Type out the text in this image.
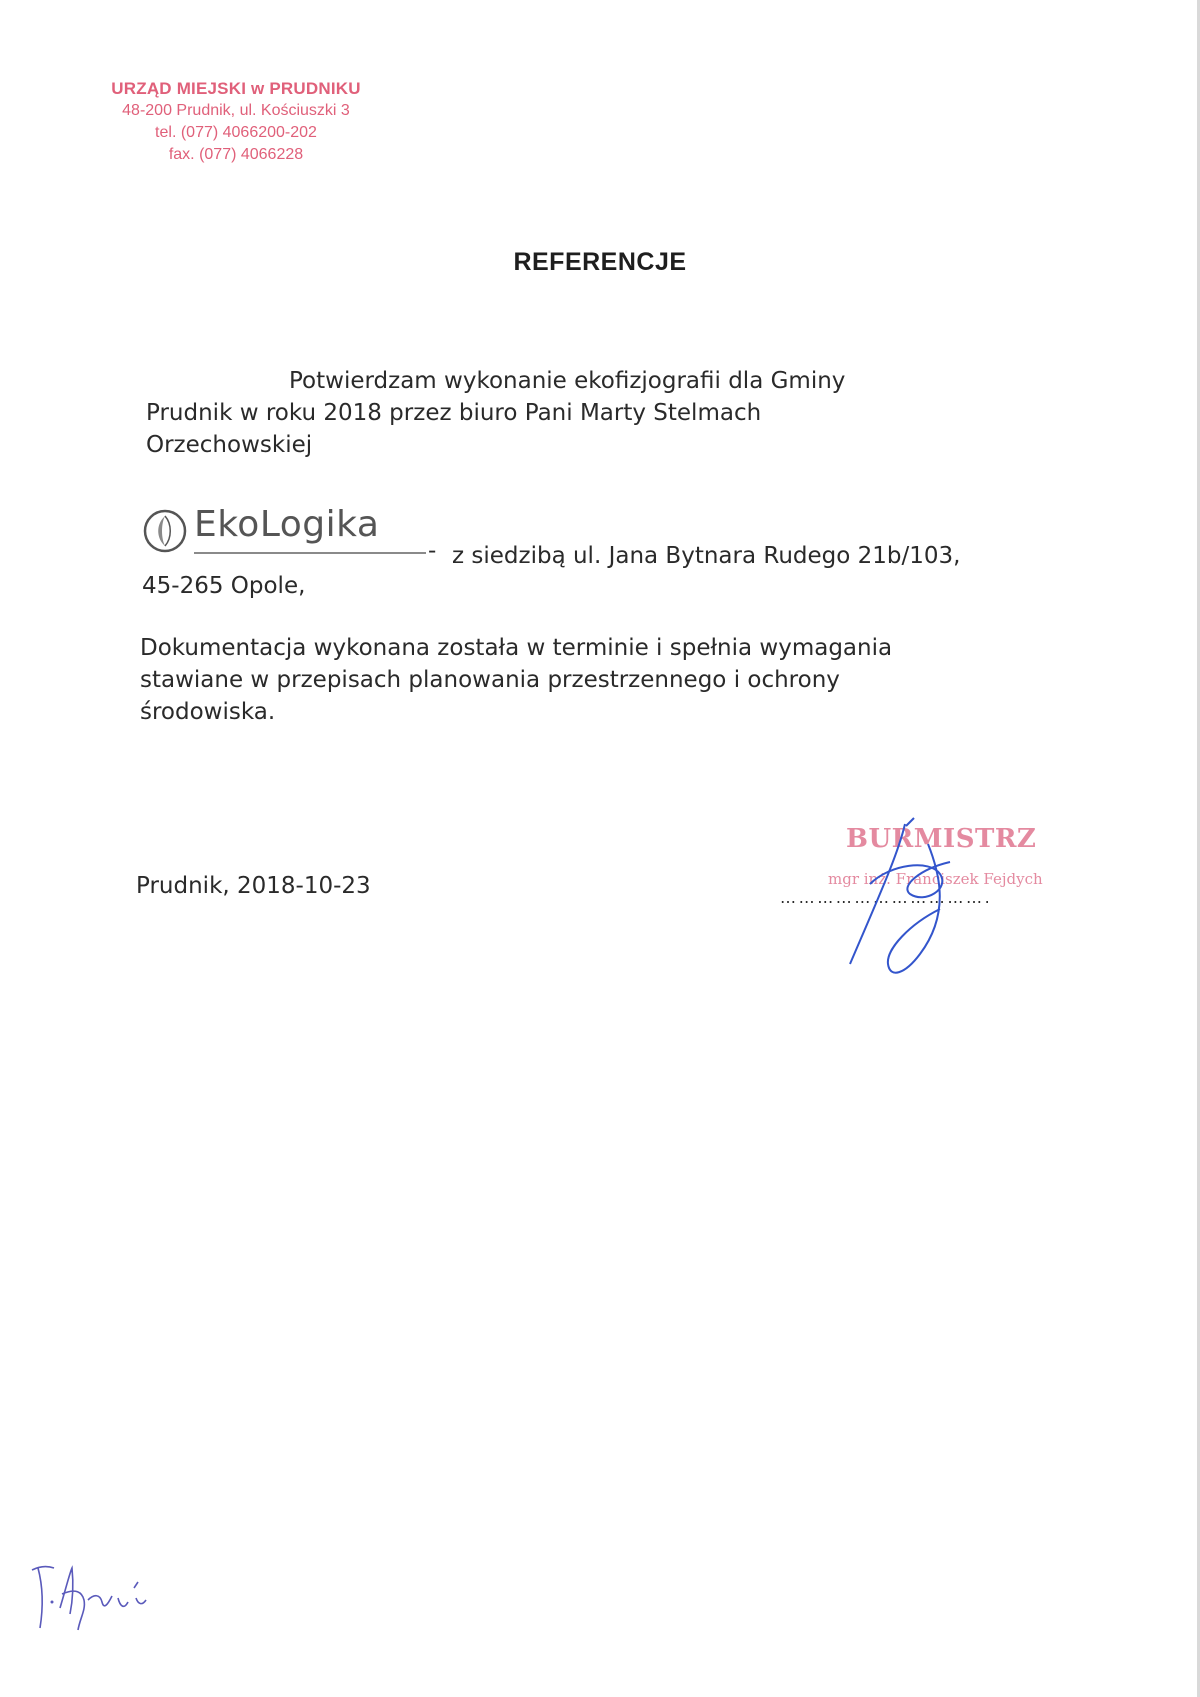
URZĄD MIEJSKI w PRUDNIKU
48-200 Prudnik, ul. Kościuszki 3
tel. (077) 4066200-202
fax. (077) 4066228
REFERENCJE
Potwierdzam wykonanie ekofizjografii dla Gminy
Prudnik w roku 2018 przez biuro Pani Marty Stelmach
Orzechowskiej
EkoLogika
- z siedzibą ul. Jana Bytnara Rudego 21b/103,
45-265 Opole,
Dokumentacja wykonana została w terminie i spełnia wymagania
stawiane w przepisach planowania przestrzennego i ochrony
środowiska.
Prudnik, 2018-10-23
BURMISTRZ
mgr inż. Franciszek Fejdych
…………………………….
